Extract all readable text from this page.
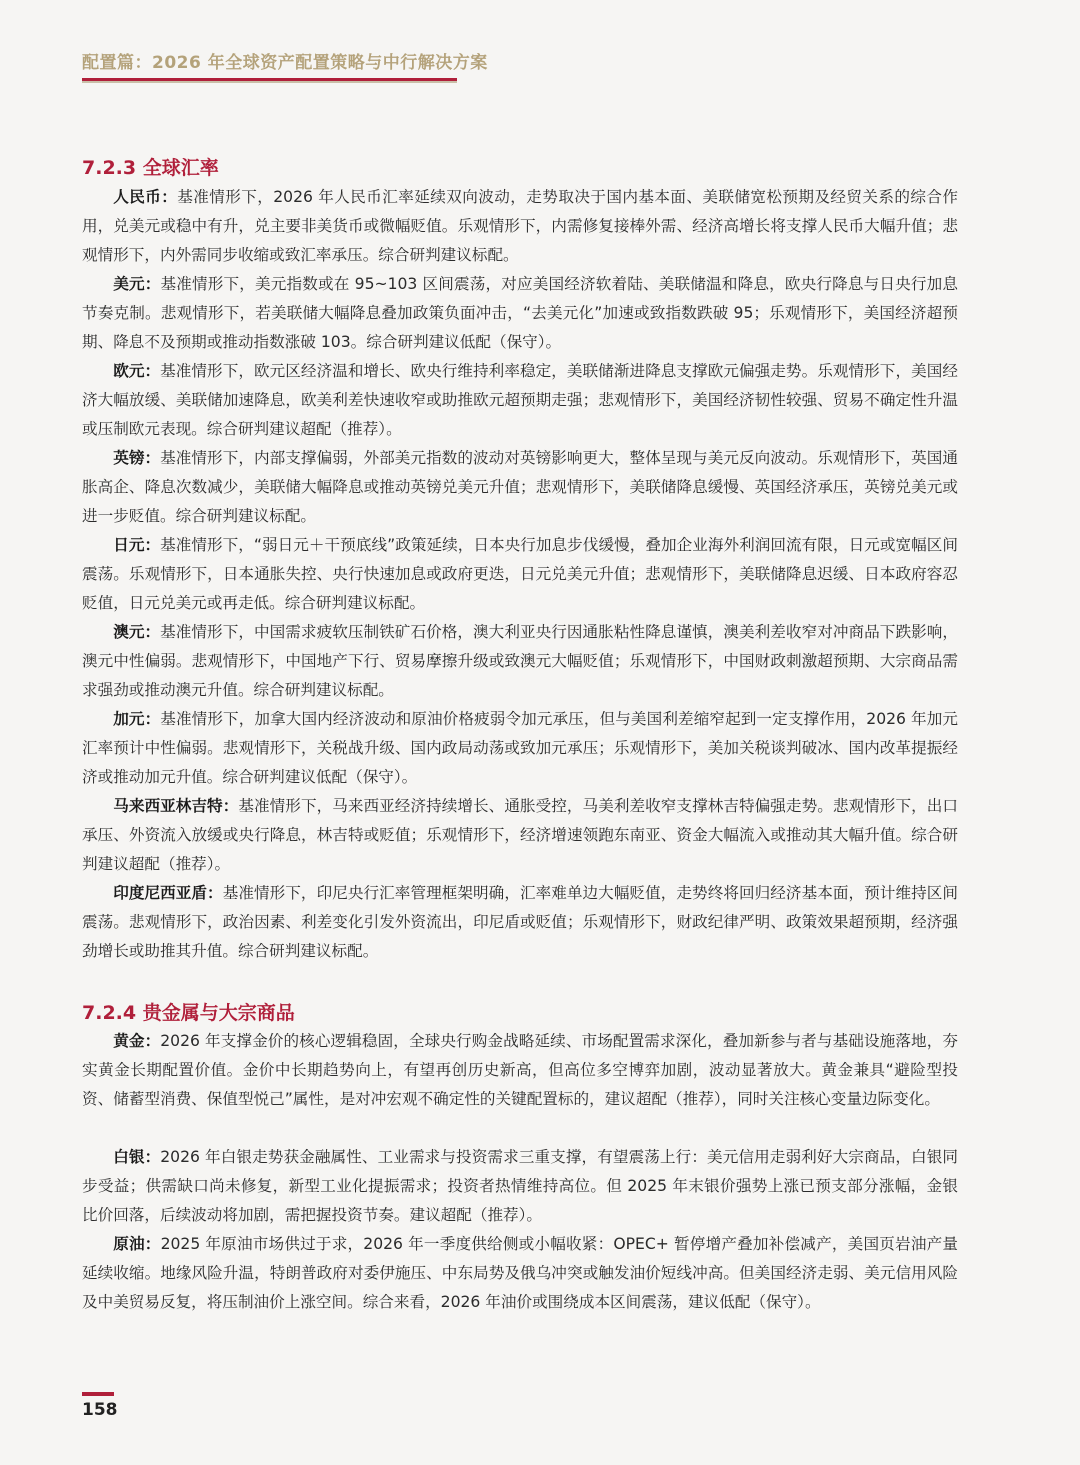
配置篇：2026 年全球资产配置策略与中行解决方案
7.2.3 全球汇率

人民币：基准情形下，2026 年人民币汇率延续双向波动，走势取决于国内基本面、美联储宽松预期及经贸关系的综合作用，兑美元或稳中有升，兑主要非美货币或微幅贬值。乐观情形下，内需修复接棒外需、经济高增长将支撑人民币大幅升值；悲观情形下，内外需同步收缩或致汇率承压。综合研判建议标配。

美元：基准情形下，美元指数或在 95~103 区间震荡，对应美国经济软着陆、美联储温和降息，欧央行降息与日央行加息节奏克制。悲观情形下，若美联储大幅降息叠加政策负面冲击，“去美元化”加速或致指数跌破 95；乐观情形下，美国经济超预期、降息不及预期或推动指数涨破 103。综合研判建议低配（保守）。

欧元：基准情形下，欧元区经济温和增长、欧央行维持利率稳定，美联储渐进降息支撑欧元偏强走势。乐观情形下，美国经济大幅放缓、美联储加速降息，欧美利差快速收窄或助推欧元超预期走强；悲观情形下，美国经济韧性较强、贸易不确定性升温或压制欧元表现。综合研判建议超配（推荐）。

英镑：基准情形下，内部支撑偏弱，外部美元指数的波动对英镑影响更大，整体呈现与美元反向波动。乐观情形下，英国通胀高企、降息次数减少，美联储大幅降息或推动英镑兑美元升值；悲观情形下，美联储降息缓慢、英国经济承压，英镑兑美元或进一步贬值。综合研判建议标配。

日元：基准情形下，“弱日元＋干预底线”政策延续，日本央行加息步伐缓慢，叠加企业海外利润回流有限，日元或宽幅区间震荡。乐观情形下，日本通胀失控、央行快速加息或政府更迭，日元兑美元升值；悲观情形下，美联储降息迟缓、日本政府容忍贬值，日元兑美元或再走低。综合研判建议标配。

澳元：基准情形下，中国需求疲软压制铁矿石价格，澳大利亚央行因通胀粘性降息谨慎，澳美利差收窄对冲商品下跌影响，澳元中性偏弱。悲观情形下，中国地产下行、贸易摩擦升级或致澳元大幅贬值；乐观情形下，中国财政刺激超预期、大宗商品需求强劲或推动澳元升值。综合研判建议标配。

加元：基准情形下，加拿大国内经济波动和原油价格疲弱令加元承压，但与美国利差缩窄起到一定支撑作用，2026 年加元汇率预计中性偏弱。悲观情形下，关税战升级、国内政局动荡或致加元承压；乐观情形下，美加关税谈判破冰、国内改革提振经济或推动加元升值。综合研判建议低配（保守）。

马来西亚林吉特：基准情形下，马来西亚经济持续增长、通胀受控，马美利差收窄支撑林吉特偏强走势。悲观情形下，出口承压、外资流入放缓或央行降息，林吉特或贬值；乐观情形下，经济增速领跑东南亚、资金大幅流入或推动其大幅升值。综合研判建议超配（推荐）。

印度尼西亚盾：基准情形下，印尼央行汇率管理框架明确，汇率难单边大幅贬值，走势终将回归经济基本面，预计维持区间震荡。悲观情形下，政治因素、利差变化引发外资流出，印尼盾或贬值；乐观情形下，财政纪律严明、政策效果超预期，经济强劲增长或助推其升值。综合研判建议标配。

7.2.4 贵金属与大宗商品

黄金：2026 年支撑金价的核心逻辑稳固，全球央行购金战略延续、市场配置需求深化，叠加新参与者与基础设施落地，夯实黄金长期配置价值。金价中长期趋势向上，有望再创历史新高，但高位多空博弈加剧，波动显著放大。黄金兼具“避险型投资、储蓄型消费、保值型悦己”属性，是对冲宏观不确定性的关键配置标的，建议超配（推荐），同时关注核心变量边际变化。

白银：2026 年白银走势获金融属性、工业需求与投资需求三重支撑，有望震荡上行：美元信用走弱利好大宗商品，白银同步受益；供需缺口尚未修复，新型工业化提振需求；投资者热情维持高位。但 2025 年末银价强势上涨已预支部分涨幅，金银比价回落，后续波动将加剧，需把握投资节奏。建议超配（推荐）。

原油：2025 年原油市场供过于求，2026 年一季度供给侧或小幅收紧：OPEC+ 暂停增产叠加补偿减产，美国页岩油产量延续收缩。地缘风险升温，特朗普政府对委伊施压、中东局势及俄乌冲突或触发油价短线冲高。但美国经济走弱、美元信用风险及中美贸易反复，将压制油价上涨空间。综合来看，2026 年油价或围绕成本区间震荡，建议低配（保守）。

158
